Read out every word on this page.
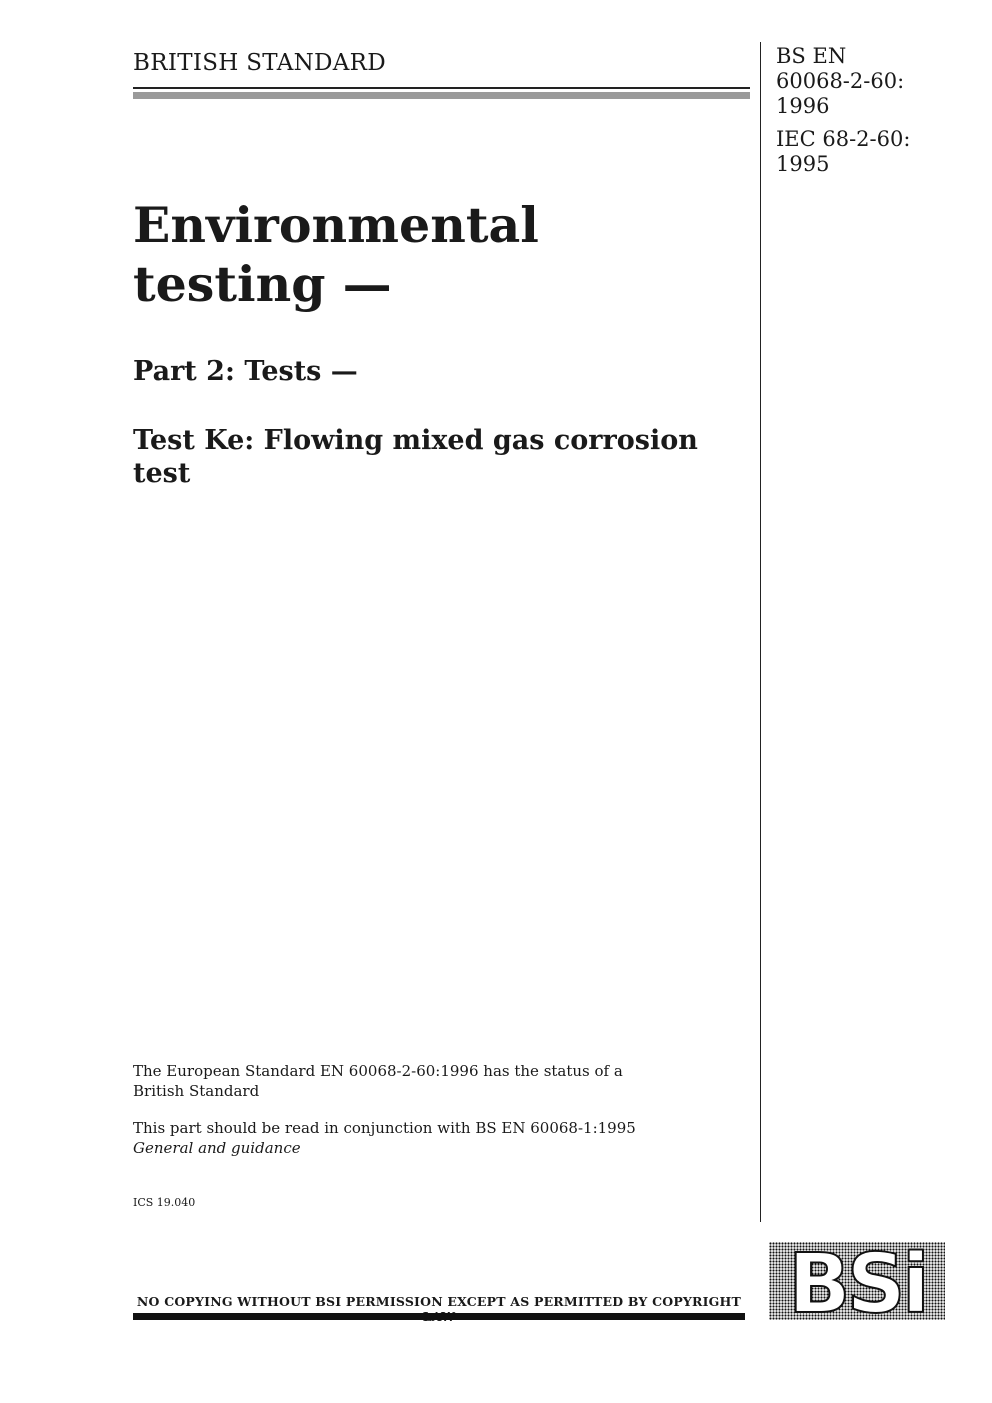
BRITISH STANDARD	BS EN
60068-2-60:
1996
IEC 68-2-60:
1995
Environmental
testing —
Part 2: Tests —
Test Ke: Flowing mixed gas corrosion
test
The European Standard EN 60068-2-60:1996 has the status of a
British Standard
This part should be read in conjunction with BS EN 60068-1:1995
General and guidance
ICS 19.040
NO COPYING WITHOUT BSI PERMISSION EXCEPT AS PERMITTED BY COPYRIGHT BSi
